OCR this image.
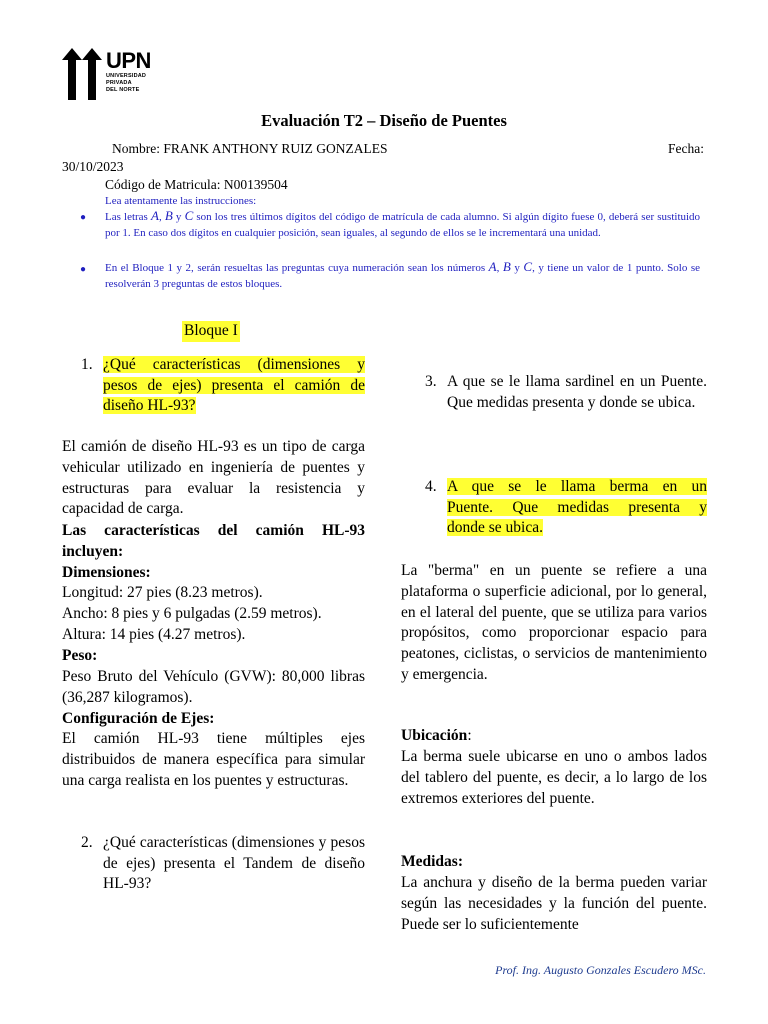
UPN
UNIVERSIDAD
PRIVADA
DEL NORTE
Evaluación T2 – Diseño de Puentes
Nombre: FRANK ANTHONY RUIZ GONZALES	Fecha:
30/10/2023
Código de Matricula: N00139504
Lea atentamente las instrucciones:
● Las letras A, B y C son los tres últimos dígitos del código de matrícula de cada alumno. Si algún dígito fuese 0, deberá ser sustituido por 1. En caso dos dígitos en cualquier posición, sean iguales, al segundo de ellos se le incrementará una unidad.
● En el Bloque 1 y 2, serán resueltas las preguntas cuya numeración sean los números A, B y C, y tiene un valor de 1 punto. Solo se resolverán 3 preguntas de estos bloques.
Bloque I
1. ¿Qué características (dimensiones y
pesos de ejes) presenta el camión de
diseño HL-93?
El camión de diseño HL-93 es un tipo de carga vehicular utilizado en ingeniería de puentes y estructuras para evaluar la resistencia y capacidad de carga.
Las características del camión HL-93 incluyen:
Dimensiones:
Longitud: 27 pies (8.23 metros).
Ancho: 8 pies y 6 pulgadas (2.59 metros).
Altura: 14 pies (4.27 metros).
Peso:
Peso Bruto del Vehículo (GVW): 80,000 libras (36,287 kilogramos).
Configuración de Ejes:
El camión HL-93 tiene múltiples ejes distribuidos de manera específica para simular una carga realista en los puentes y estructuras.
2. ¿Qué características (dimensiones y pesos de ejes) presenta el Tandem de diseño HL-93?
3. A que se le llama sardinel en un Puente. Que medidas presenta y donde se ubica.
4. A que se le llama berma en un
Puente. Que medidas presenta y
donde se ubica.
La "berma" en un puente se refiere a una plataforma o superficie adicional, por lo general, en el lateral del puente, que se utiliza para varios propósitos, como proporcionar espacio para peatones, ciclistas, o servicios de mantenimiento y emergencia.
Ubicación:
La berma suele ubicarse en uno o ambos lados del tablero del puente, es decir, a lo largo de los extremos exteriores del puente.
Medidas:
La anchura y diseño de la berma pueden variar según las necesidades y la función del puente. Puede ser lo suficientemente
Prof. Ing. Augusto Gonzales Escudero MSc.
